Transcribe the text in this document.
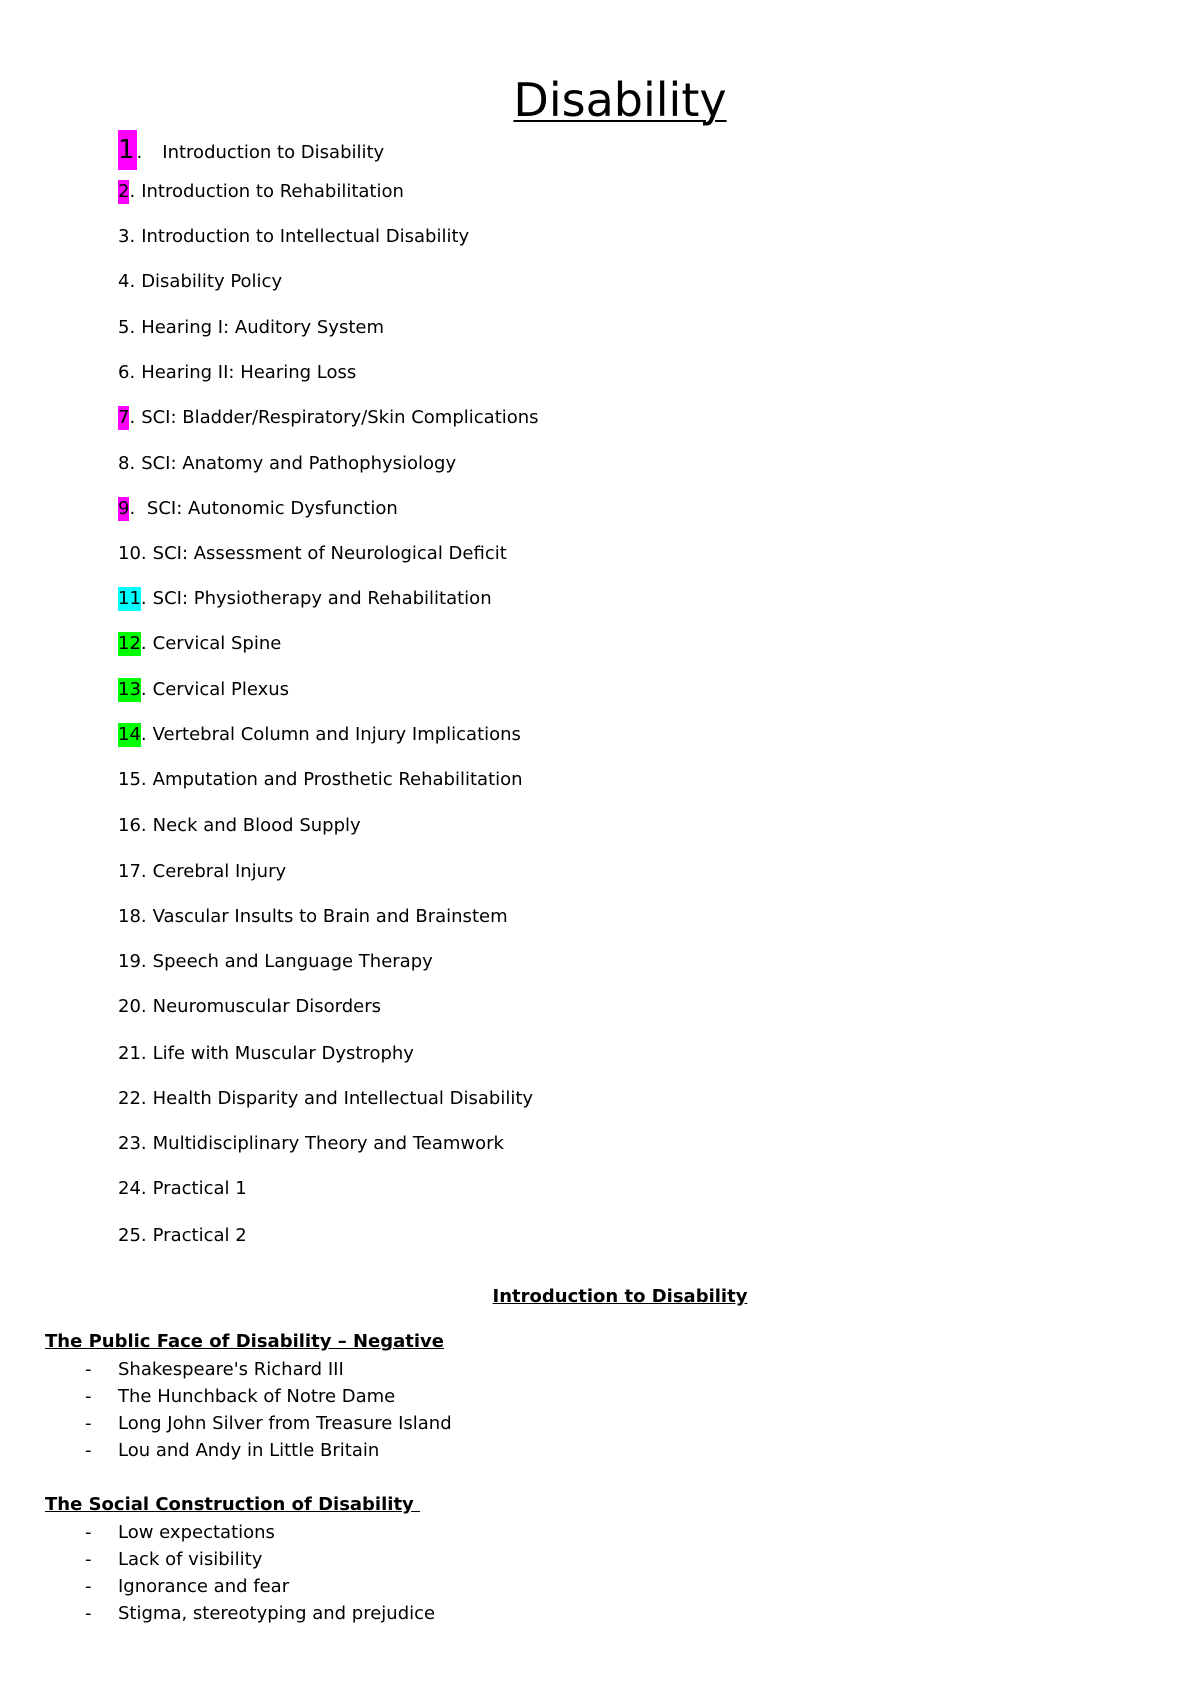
Disability
1 . Introduction to Disability
2. Introduction to Rehabilitation
3. Introduction to Intellectual Disability
4. Disability Policy
5. Hearing I: Auditory System
6. Hearing II: Hearing Loss
7. SCI: Bladder/Respiratory/Skin Complications
8. SCI: Anatomy and Pathophysiology
9. SCI: Autonomic Dysfunction
10. SCI: Assessment of Neurological Deficit
11. SCI: Physiotherapy and Rehabilitation
12. Cervical Spine
13. Cervical Plexus
14. Vertebral Column and Injury Implications
15. Amputation and Prosthetic Rehabilitation
16. Neck and Blood Supply
17. Cerebral Injury
18. Vascular Insults to Brain and Brainstem
19. Speech and Language Therapy
20. Neuromuscular Disorders
21. Life with Muscular Dystrophy
22. Health Disparity and Intellectual Disability
23. Multidisciplinary Theory and Teamwork
24. Practical 1
25. Practical 2
Introduction to Disability
The Public Face of Disability – Negative
- Shakespeare's Richard III
- The Hunchback of Notre Dame
- Long John Silver from Treasure Island
- Lou and Andy in Little Britain
The Social Construction of Disability
- Low expectations
- Lack of visibility
- Ignorance and fear
- Stigma, stereotyping and prejudice
